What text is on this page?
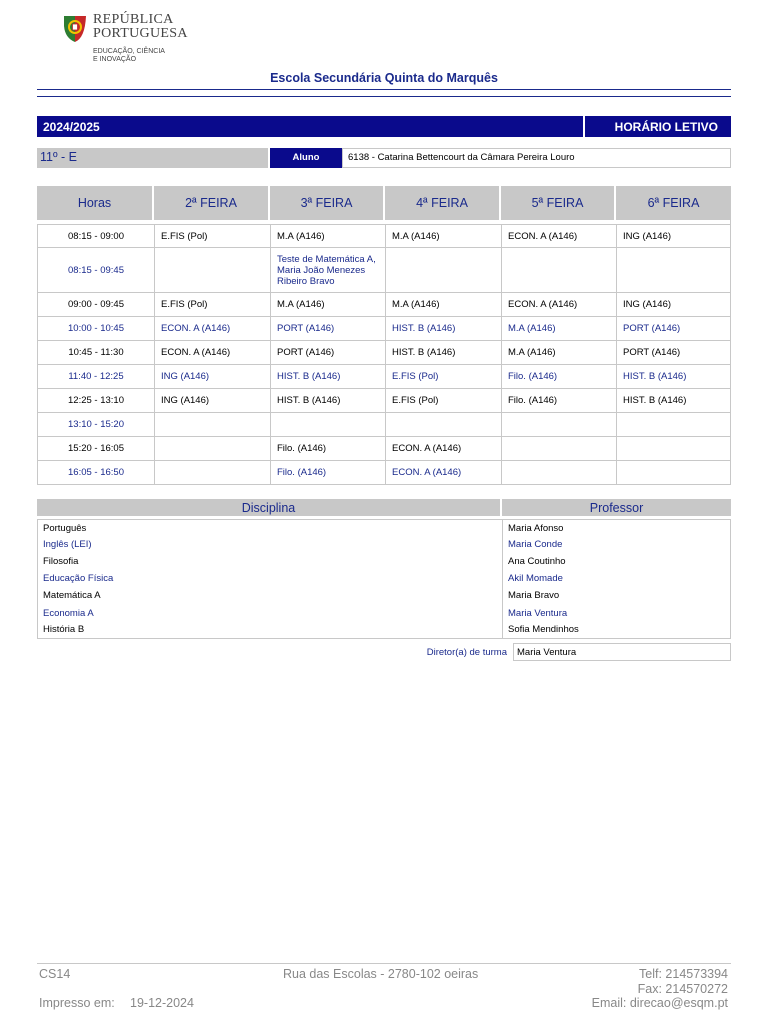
REPÚBLICA
PORTUGUESA
EDUCAÇÃO, CIÊNCIA
E INOVAÇÃO
Escola Secundária Quinta do Marquês
2024/2025	HORÁRIO LETIVO
11º - E	Aluno	6138 - Catarina Bettencourt da Câmara Pereira Louro
Horas	2ª FEIRA	3ª FEIRA	4ª FEIRA	5ª FEIRA	6ª FEIRA

08:15 - 09:00	E.FIS (Pol)	M.A (A146)	M.A (A146)	ECON. A (A146)	ING (A146)
08:15 - 09:45		Teste de Matemática A, Maria João Menezes Ribeiro Bravo			
09:00 - 09:45	E.FIS (Pol)	M.A (A146)	M.A (A146)	ECON. A (A146)	ING (A146)
10:00 - 10:45	ECON. A (A146)	PORT (A146)	HIST. B (A146)	M.A (A146)	PORT (A146)
10:45 - 11:30	ECON. A (A146)	PORT (A146)	HIST. B (A146)	M.A (A146)	PORT (A146)
11:40 - 12:25	ING (A146)	HIST. B (A146)	E.FIS (Pol)	Filo. (A146)	HIST. B (A146)
12:25 - 13:10	ING (A146)	HIST. B (A146)	E.FIS (Pol)	Filo. (A146)	HIST. B (A146)
13:10 - 15:20					
15:20 - 16:05		Filo. (A146)	ECON. A (A146)		
16:05 - 16:50		Filo. (A146)	ECON. A (A146)		
Disciplina	Professor

Português	Maria Afonso
Inglês (LEI)	Maria Conde
Filosofia	Ana Coutinho
Educação Física	Akil Momade
Matemática A	Maria Bravo
Economia A	Maria Ventura
História B	Sofia Mendinhos
Diretor(a) de turma	Maria Ventura
CS14	Rua das Escolas - 2780-102 oeiras	Telf: 214573394
Fax: 214570272
Impresso em: 19-12-2024	Email: direcao@esqm.pt
